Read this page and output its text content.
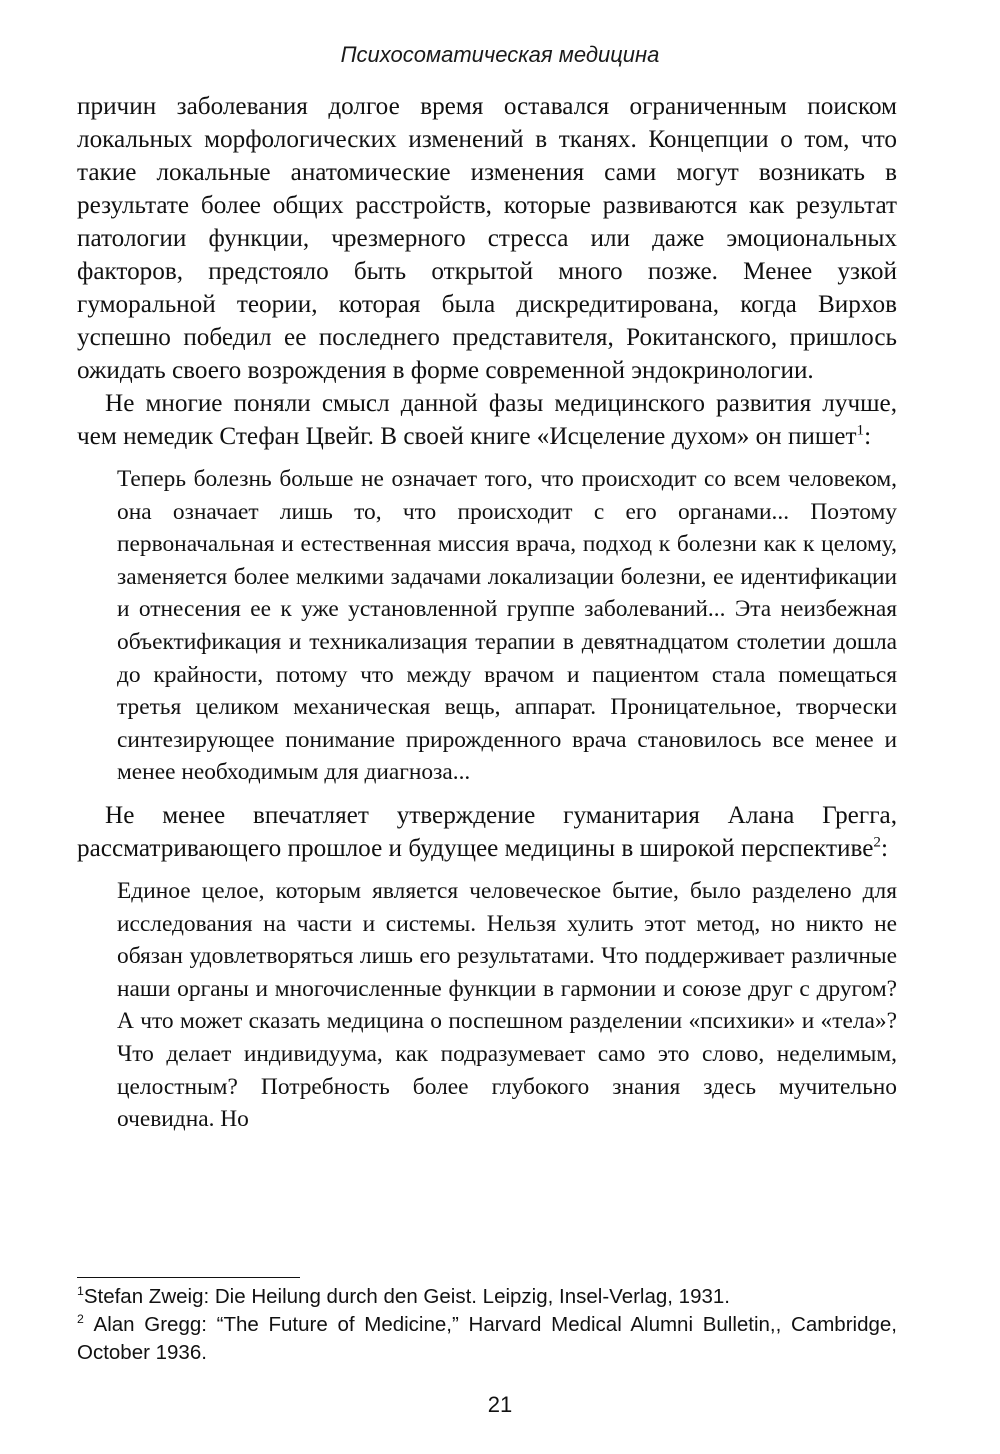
Психосоматическая медицина

причин заболевания долгое время оставался ограниченным поиском локальных морфологических изменений в тканях. Концепции о том, что такие локальные анатомические изменения сами могут возникать в результате более общих расстройств, которые развиваются как результат патологии функции, чрезмерного стресса или даже эмоциональных факторов, предстояло быть открытой много позже. Менее узкой гуморальной теории, которая была дискредитирована, когда Вирхов успешно победил ее последнего представителя, Рокитанского, пришлось ожидать своего возрождения в форме современной эндокринологии.

Не многие поняли смысл данной фазы медицинского развития лучше, чем немедик Стефан Цвейг. В своей книге «Исцеление духом» он пишет$^1$:

Теперь болезнь больше не означает того, что происходит со всем человеком, она означает лишь то, что происходит с его органами... Поэтому первоначальная и естественная миссия врача, подход к болезни как к целому, заменяется более мелкими задачами локализации болезни, ее идентификации и отнесения ее к уже установленной группе заболеваний... Эта неизбежная объектификация и техникализация терапии в девятнадцатом столетии дошла до крайности, потому что между врачом и пациентом стала помещаться третья целиком механическая вещь, аппарат. Проницательное, творчески синтезирующее понимание прирожденного врача становилось все менее и менее необходимым для диагноза...

Не менее впечатляет утверждение гуманитария Алана Грегга, рассматривающего прошлое и будущее медицины в широкой перспективе$^2$:

Единое целое, которым является человеческое бытие, было разделено для исследования на части и системы. Нельзя хулить этот метод, но никто не обязан удовлетворяться лишь его результатами. Что поддерживает различные наши органы и многочисленные функции в гармонии и союзе друг с другом? А что может сказать медицина о поспешном разделении «психики» и «тела»? Что делает индивидуума, как подразумевает само это слово, неделимым, целостным? Потребность более глубокого знания здесь мучительно очевидна. Но

$^1$Stefan Zweig: Die Heilung durch den Geist. Leipzig, Insel-Verlag, 1931.

$^2$ Alan Gregg: “The Future of Medicine,” Harvard Medical Alumni Bulletin,, Cambridge, October 1936.

21
